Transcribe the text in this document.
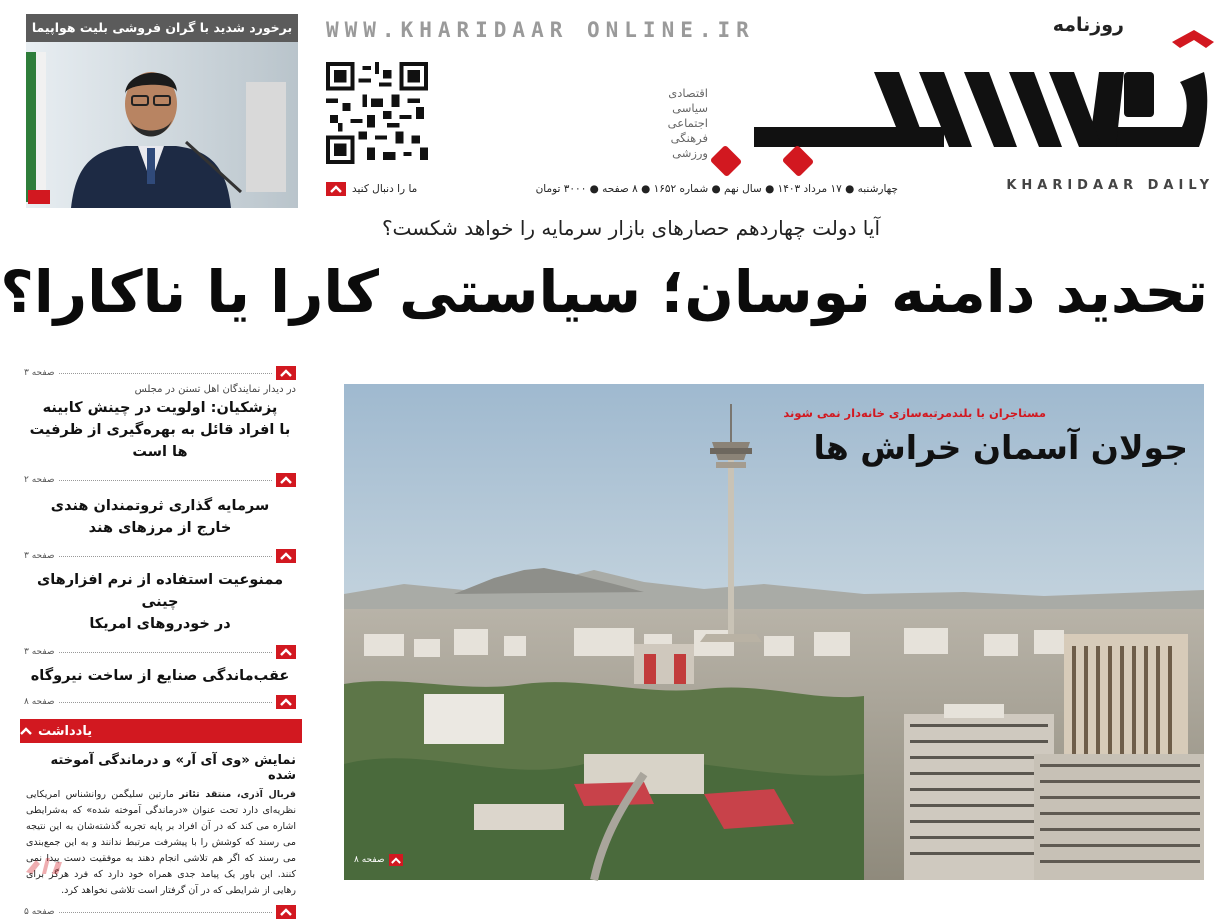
WWW.KHARIDAAR ONLINE.IR
اقتصادی
سیاسی
اجتماعی
فرهنگی
ورزشی
روزنامه
KHARIDAAR DAILY
چهارشنبه ● ۱۷ مرداد ۱۴۰۳ ● سال نهم ● شماره ۱۶۵۲ ● ۸ صفحه ● ۳۰۰۰ تومان
ما را دنبال کنید
برخورد شدید با گران فروشی بلیت هواپیما
آیا دولت چهاردهم حصارهای بازار سرمایه را خواهد شکست؟
تحدید دامنه نوسان؛ سیاستی کارا یا ناکارا؟
صفحه ۳
در دیدار نمایندگان اهل تسنن در مجلس
پزشکیان: اولویت در چینش کابینه
با افراد قائل به بهره‌گیری از ظرفیت ها است
صفحه ۲
سرمایه گذاری ثروتمندان هندی
خارج از مرزهای هند
صفحه ۳
ممنوعیت استفاده از نرم افزارهای چینی
در خودروهای امریکا
صفحه ۳
عقب‌ماندگی صنایع از ساخت نیروگاه
صفحه ۸
یادداشت
نمایش «وی آی آر» و درماندگی آموخته شده
فربال آذری، منتقد تئاتر مارتین سلیگمن روانشناس امریکایی نظریه‌ای دارد تحت عنوان «درماندگی آموخته شده» که به‌شرایطی اشاره می کند که در آن افراد بر پایه تجربه گذشته‌شان به این نتیجه می رسند که کوشش را با پیشرفت مرتبط ندانند و به این جمع‌بندی می رسند که اگر هم تلاشی انجام دهند به موفقیت دست پیدا نمی کنند. این باور یک پیامد جدی همراه خود دارد که فرد هرگز برای رهایی از شرایطی که در آن گرفتار است تلاشی نخواهد کرد.
صفحه ۵
مستاجران با بلندمرتبه‌سازی خانه‌دار نمی شوند
جولان آسمان خراش ها
صفحه ۸
